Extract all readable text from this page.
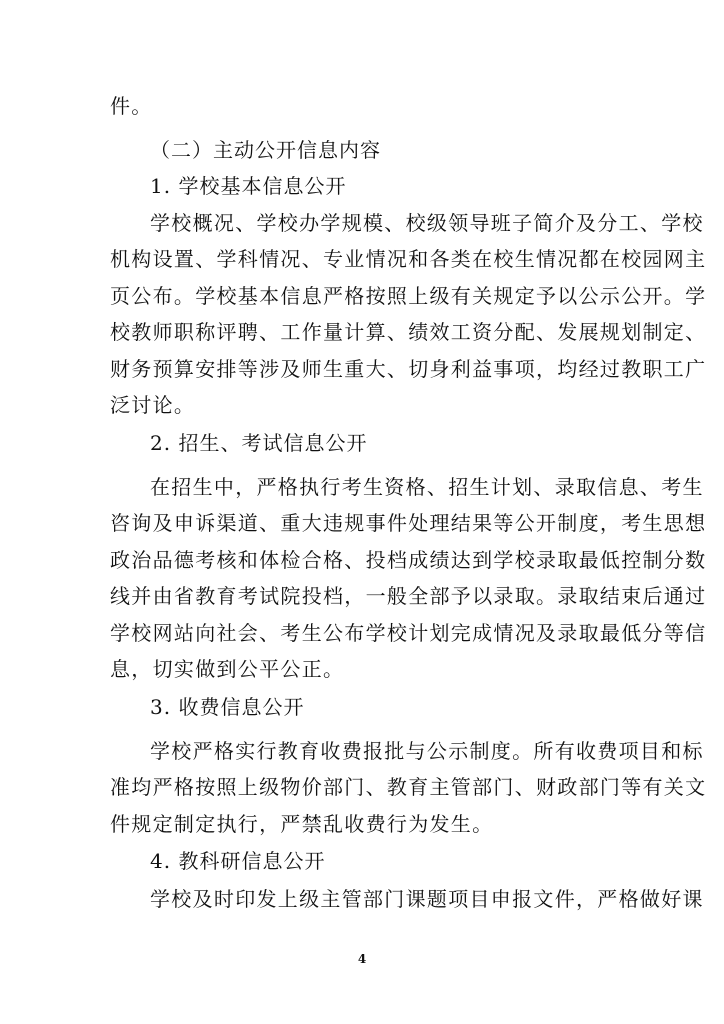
件。
（二）主动公开信息内容
1. 学校基本信息公开
学校概况、学校办学规模、校级领导班子简介及分工、学校
机构设置、学科情况、专业情况和各类在校生情况都在校园网主
页公布。学校基本信息严格按照上级有关规定予以公示公开。学
校教师职称评聘、工作量计算、绩效工资分配、发展规划制定、
财务预算安排等涉及师生重大、切身利益事项，均经过教职工广
泛讨论。
2. 招生、考试信息公开
在招生中，严格执行考生资格、招生计划、录取信息、考生
咨询及申诉渠道、重大违规事件处理结果等公开制度，考生思想
政治品德考核和体检合格、投档成绩达到学校录取最低控制分数
线并由省教育考试院投档，一般全部予以录取。录取结束后通过
学校网站向社会、考生公布学校计划完成情况及录取最低分等信
息，切实做到公平公正。
3. 收费信息公开
学校严格实行教育收费报批与公示制度。所有收费项目和标
准均严格按照上级物价部门、教育主管部门、财政部门等有关文
件规定制定执行，严禁乱收费行为发生。
4. 教科研信息公开
学校及时印发上级主管部门课题项目申报文件，严格做好课
4
